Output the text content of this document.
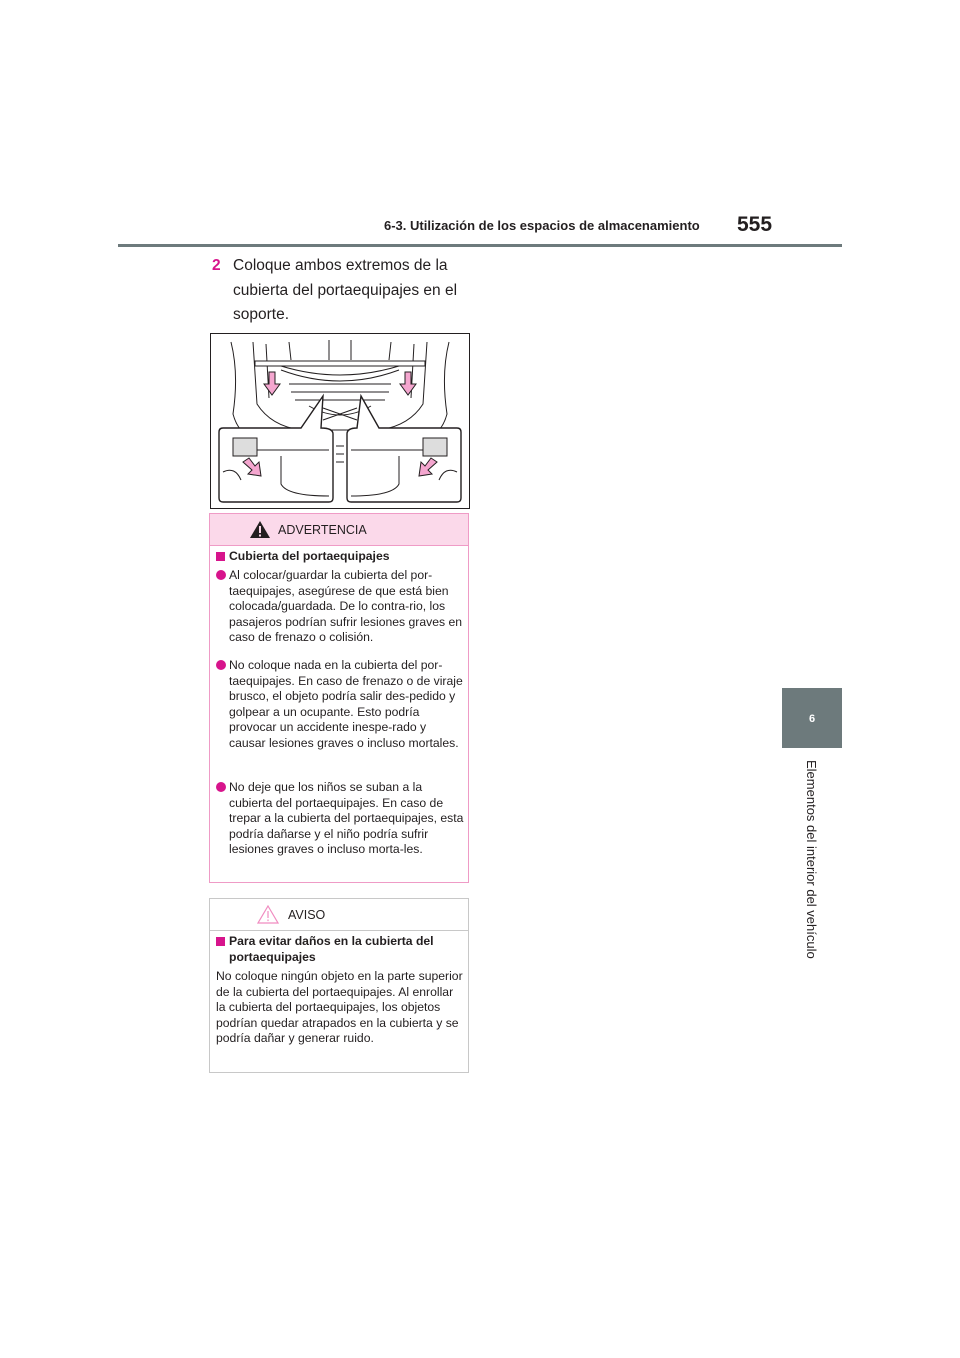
6-3. Utilización de los espacios de almacenamiento 555
2 Coloque ambos extremos de la cubierta del portaequipajes en el soporte.
ADVERTENCIA
Cubierta del portaequipajes
Al colocar/guardar la cubierta del por-taequipajes, asegúrese de que está bien colocada/guardada. De lo contra-rio, los pasajeros podrían sufrir lesiones graves en caso de frenazo o colisión.
No coloque nada en la cubierta del por-taequipajes. En caso de frenazo o de viraje brusco, el objeto podría salir des-pedido y golpear a un ocupante. Esto podría provocar un accidente inespe-rado y causar lesiones graves o incluso mortales.
No deje que los niños se suban a la cubierta del portaequipajes. En caso de trepar a la cubierta del portaequipajes, esta podría dañarse y el niño podría sufrir lesiones graves o incluso morta-les.
AVISO
Para evitar daños en la cubierta del portaequipajes
No coloque ningún objeto en la parte superior de la cubierta del portaequipajes. Al enrollar la cubierta del portaequipajes, los objetos podrían quedar atrapados en la cubierta y se podría dañar y generar ruido.
6
Elementos del interior del vehículo
